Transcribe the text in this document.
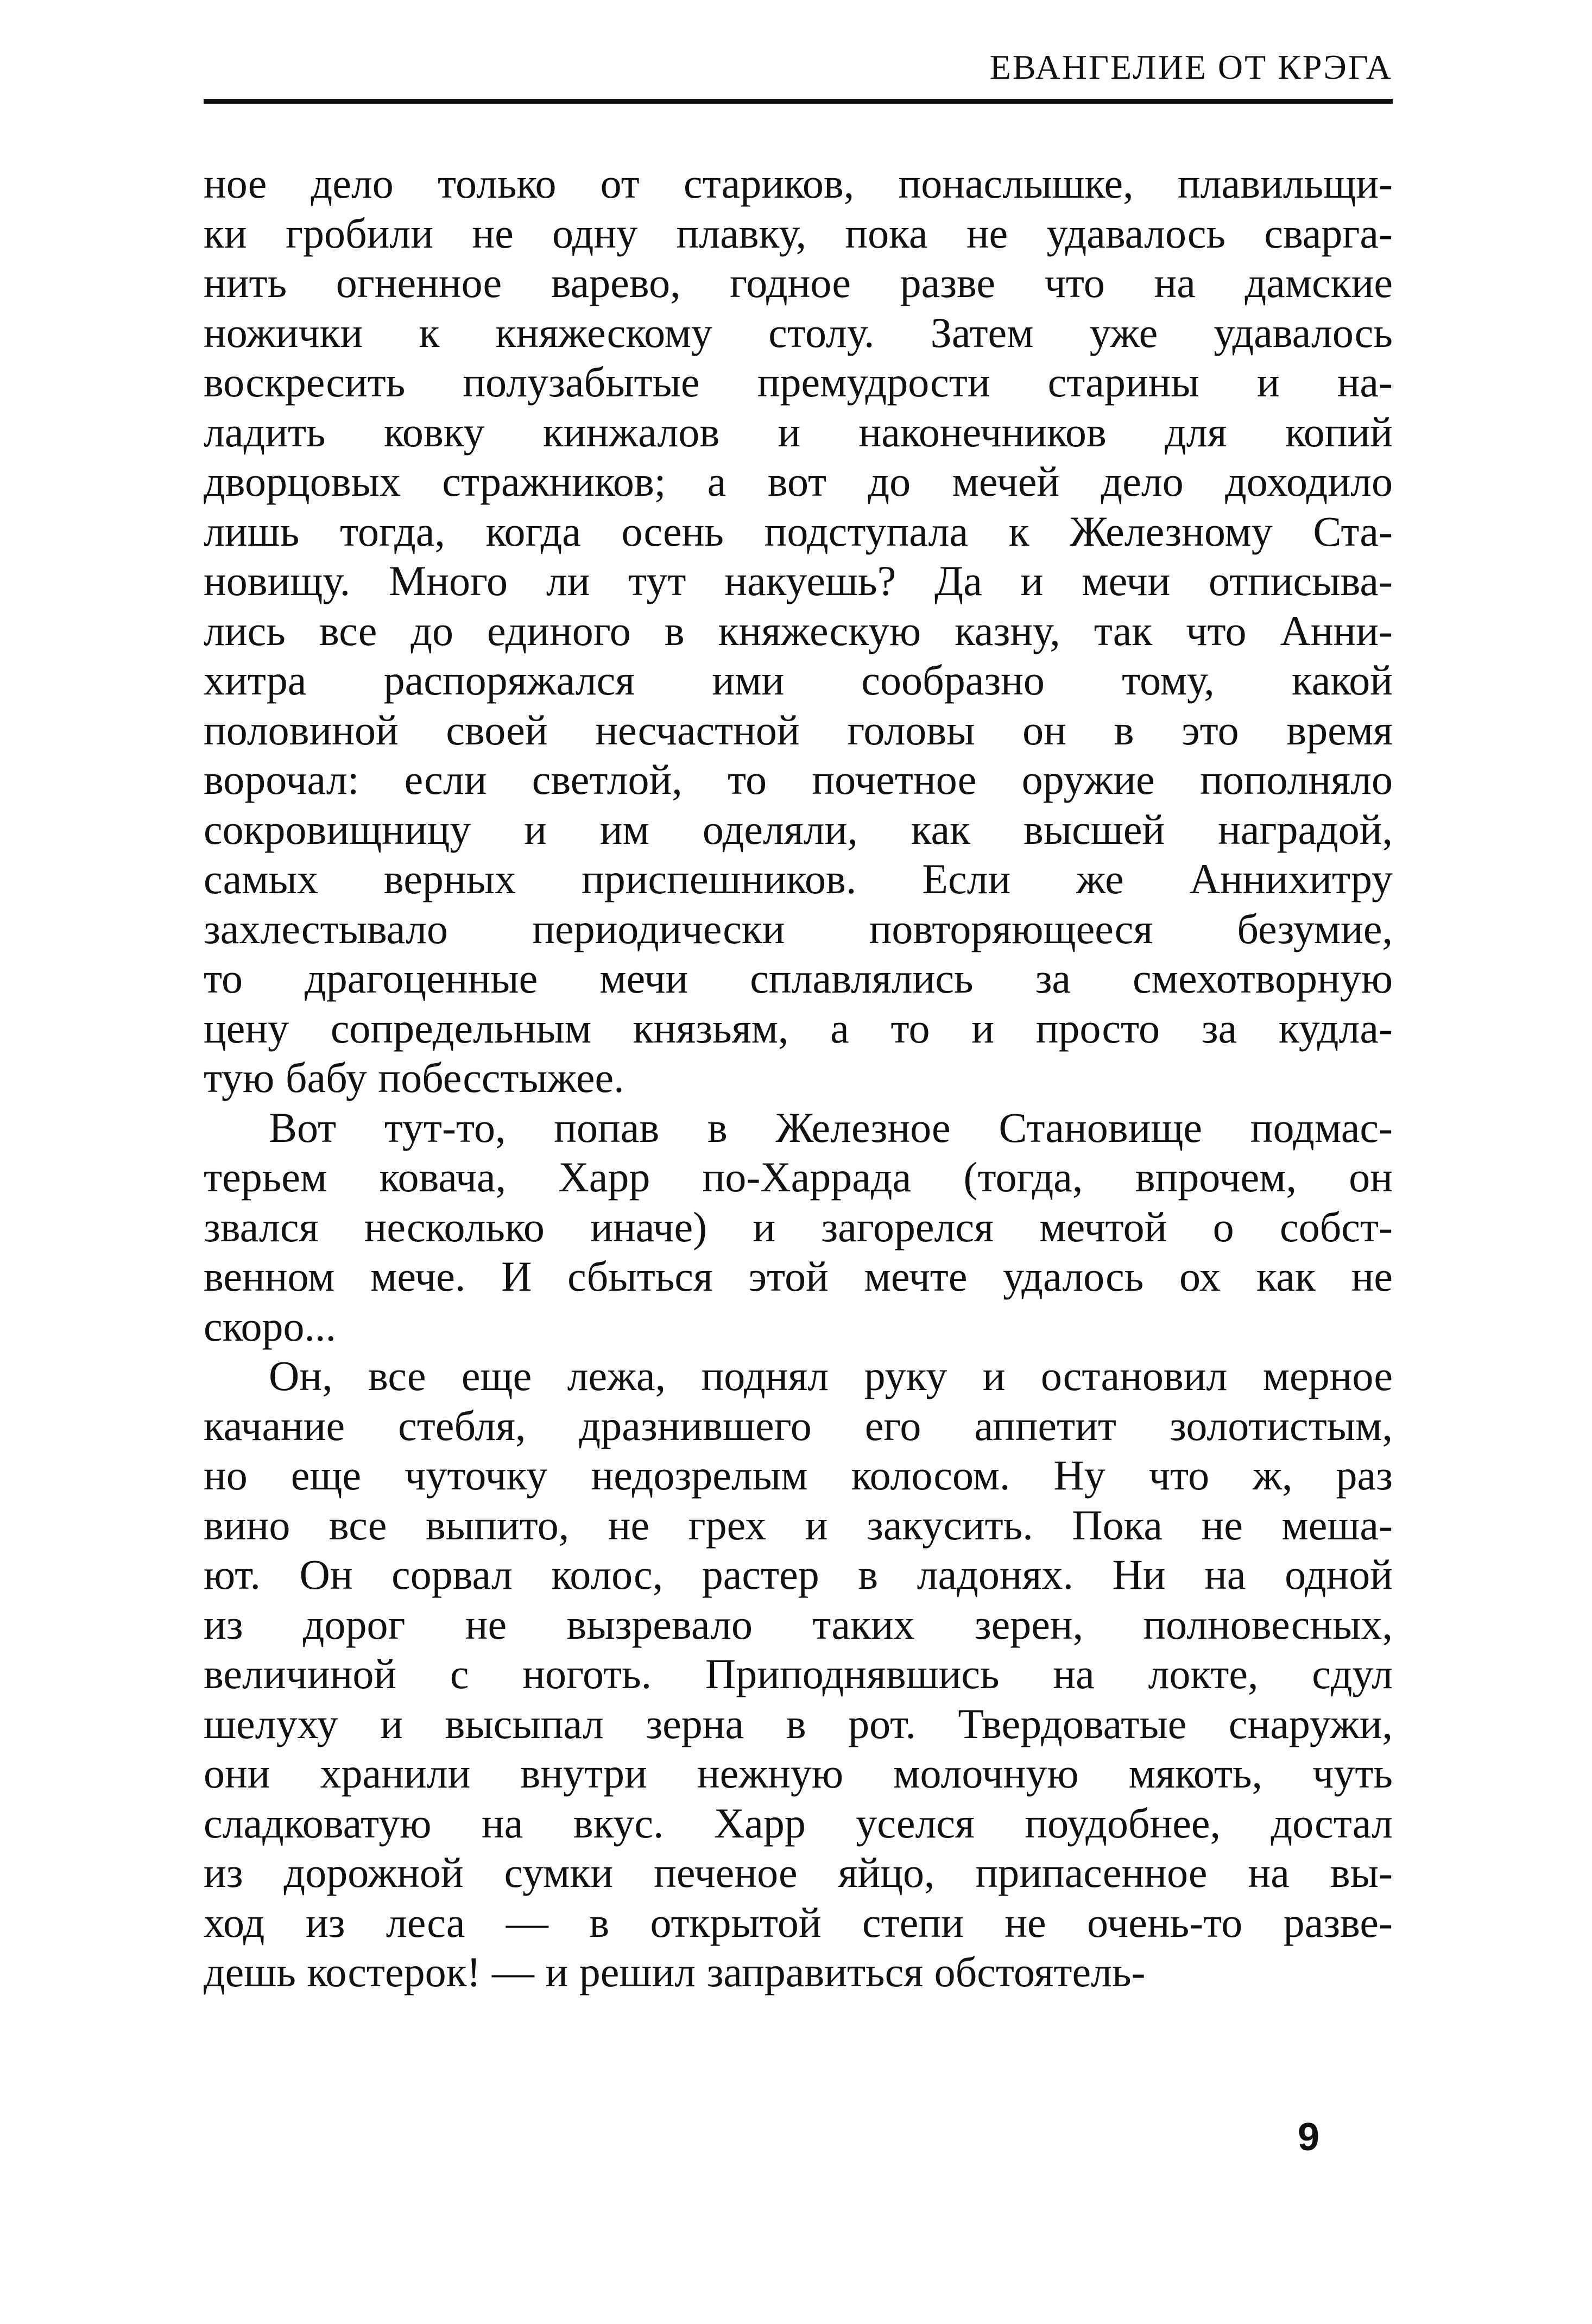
ЕВАНГЕЛИЕ ОТ КРЭГА
ное дело только от стариков, понаслышке, плавильщи-
ки гробили не одну плавку, пока не удавалось сварга-
нить огненное варево, годное разве что на дамские
ножички к княжескому столу. Затем уже удавалось
воскресить полузабытые премудрости старины и на-
ладить ковку кинжалов и наконечников для копий
дворцовых стражников; а вот до мечей дело доходило
лишь тогда, когда осень подступала к Железному Ста-
новищу. Много ли тут накуешь? Да и мечи отписыва-
лись все до единого в княжескую казну, так что Анни-
хитра распоряжался ими сообразно тому, какой
половиной своей несчастной головы он в это время
ворочал: если светлой, то почетное оружие пополняло
сокровищницу и им оделяли, как высшей наградой,
самых верных приспешников. Если же Аннихитру
захлестывало периодически повторяющееся безумие,
то драгоценные мечи сплавлялись за смехотворную
цену сопредельным князьям, а то и просто за кудла-
тую бабу побесстыжее.
Вот тут-то, попав в Железное Становище подмас-
терьем ковача, Харр по-Харрада (тогда, впрочем, он
звался несколько иначе) и загорелся мечтой о собст-
венном мече. И сбыться этой мечте удалось ох как не
скоро...
Он, все еще лежа, поднял руку и остановил мерное
качание стебля, дразнившего его аппетит золотистым,
но еще чуточку недозрелым колосом. Ну что ж, раз
вино все выпито, не грех и закусить. Пока не меша-
ют. Он сорвал колос, растер в ладонях. Ни на одной
из дорог не вызревало таких зерен, полновесных,
величиной с ноготь. Приподнявшись на локте, сдул
шелуху и высыпал зерна в рот. Твердоватые снаружи,
они хранили внутри нежную молочную мякоть, чуть
сладковатую на вкус. Харр уселся поудобнее, достал
из дорожной сумки печеное яйцо, припасенное на вы-
ход из леса — в открытой степи не очень-то разве-
дешь костерок! — и решил заправиться обстоятель-
9
